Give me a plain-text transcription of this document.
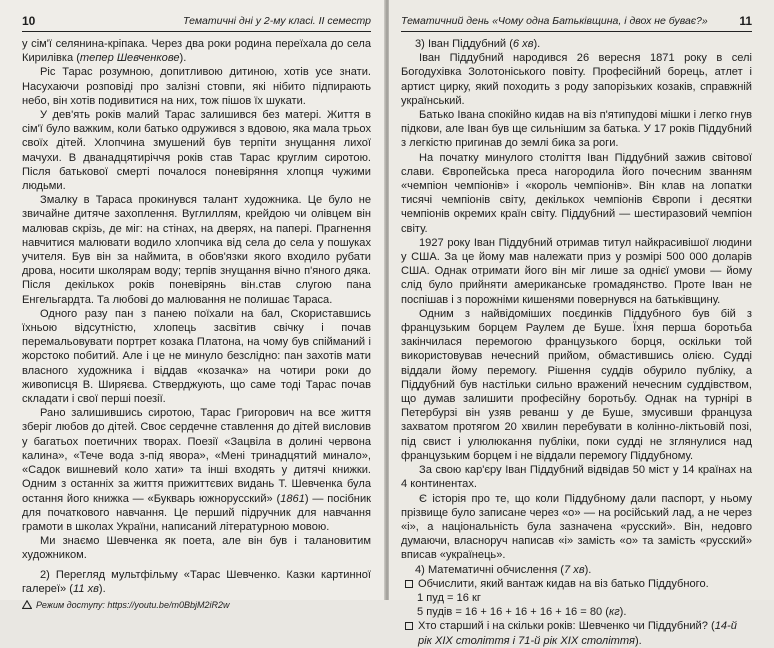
10	Тематичні дні у 2-му класі. ІІ семестр

у сім'ї селянина-кріпака. Через два роки родина переїхала до села Кирилівка (тепер Шевченкове).

Ріс Тарас розумною, допитливою дитиною, хотів усе знати. Насухаючи розповіді про залізні стовпи, які нібито підпирають небо, він хотів подивитися на них, тож пішов їх шукати.

У дев'ять років малий Тарас залишився без матері. Життя в сім'ї було важким, коли батько одружився з вдовою, яка мала трьох своїх дітей. Хлопчина змушений був терпіти знущання лихої мачухи. В дванадцятиріччя років став Тарас круглим сиротою. Після батькової смерті почалося поневіряння хлопця чужими людьми.

Змалку в Тараса прокинувся талант художника. Це було не звичайне дитяче захоплення. Вуглиллям, крейдою чи олівцем він малював скрізь, де міг: на стінах, на дверях, на папері. Прагнення навчитися малювати водило хлопчика від села до села у пошуках учителя. Був він за наймита, в обов'язки якого входило рубати дрова, носити школярам воду; терпів знущання вічно п'яного дяка. Після декількох років поневірянь він.став слугою пана Енгельгардта. Та любові до малювання не полишає Тараса.

Одного разу пан з панею поїхали на бал, Скориставшись їхньою відсутністю, хлопець засвітив свічку і почав перемальовувати портрет козака Платона, на чому був спійманий і жорстоко побитий. Але і це не минуло безслідно: пан захотів мати власного художника і віддав «козачка» на чотири роки до живописця В. Ширяєва. Стверджують, що саме тоді Тарас почав складати і свої перші поезії.

Рано залишившись сиротою, Тарас Григорович на все життя зберіг любов до дітей. Своє сердечне ставлення до дітей висловив у багатьох поетичних творах. Поезії «Зацвіла в долині червона калина», «Тече вода з-під явора», «Мені тринадцятий минало», «Садок вишневий коло хати» та інші входять у дитячі книжки. Одним з останніх за життя прижиттєвих видань Т. Шевченка була остання його книжка — «Букварь южнорусский» (1861) — посібник для початкового навчання. Це перший підручник для навчання грамоти в школах України, написаний літературною мовою.

Ми знаємо Шевченка як поета, але він був і талановитим художником.

2) Перегляд мультфільму «Тарас Шевченко. Казки картинної галереї» (11 хв).

Режим доступу: https://youtu.be/m0BbjM2iR2w
Тематичний день «Чому одна Батьківщина, і двох не буває?»	11

3) Іван Піддубний (6 хв).

Іван Піддубний народився 26 вересня 1871 року в селі Богодухівка Золотоніського повіту. Професійний борець, атлет і артист цирку, який походить з роду запорізьких козаків, справжній український.

Батько Івана спокійно кидав на віз п'ятипудові мішки і легко гнув підкови, але Іван був ще сильнішим за батька. У 17 років Піддубний з легкістю пригинав до землі бика за роги.

На початку минулого століття Іван Піддубний зажив світової слави. Європейська преса нагородила його почесним званням «чемпіон чемпіонів» і «король чемпіонів». Він клав на лопатки тисячі чемпіонів світу, декількох чемпіонів Європи і десятки чемпіонів окремих країн світу. Піддубний — шестиразовий чемпіон світу.

1927 року Іван Піддубний отримав титул найкрасивішої людини у США. За це йому мав належати приз у розмірі 500 000 доларів США. Однак отримати його він міг лише за однієї умови — йому слід було прийняти американське громадянство. Проте Іван не поспішав і з порожніми кишенями повернувся на батьківщину.

Одним з найвідоміших поєдинків Піддубного був бій з французьким борцем Раулем де Буше. Їхня перша боротьба закінчилася перемогою французького борця, оскільки той використовував нечесний прийом, обмастившись олією. Судді віддали йому перемогу. Рішення суддів обурило публіку, а Піддубний був настільки сильно вражений нечесним суддівством, що думав залишити професійну боротьбу. Однак на турнірі в Петербурзі він узяв реванш у де Буше, змусивши француза захватом протягом 20 хвилин перебувати в колінно-ліктьовій позі, під свист і улюлюкання публіки, поки судді не зглянулися над французьким борцем і не віддали перемогу Піддубному.

За свою кар'єру Іван Піддубний відвідав 50 міст у 14 країнах на 4 континентах.

Є історія про те, що коли Піддубному дали паспорт, у ньому прізвище було записане через «о» — на російський лад, а не через «і», а національність була зазначена «русский». Він, недовго думаючи, власноруч написав «і» замість «о» та замість «русский» вписав «українець».

4) Математичні обчислення (7 хв).

Обчислити, який вантаж кидав на віз батько Піддубного.

1 пуд = 16 кг

5 пудів = 16 + 16 + 16 + 16 + 16 = 80 (кг).

Хто старший і на скільки років: Шевченко чи Піддубний? (14-й рік XIX століття і 71-й рік XIX століття).
